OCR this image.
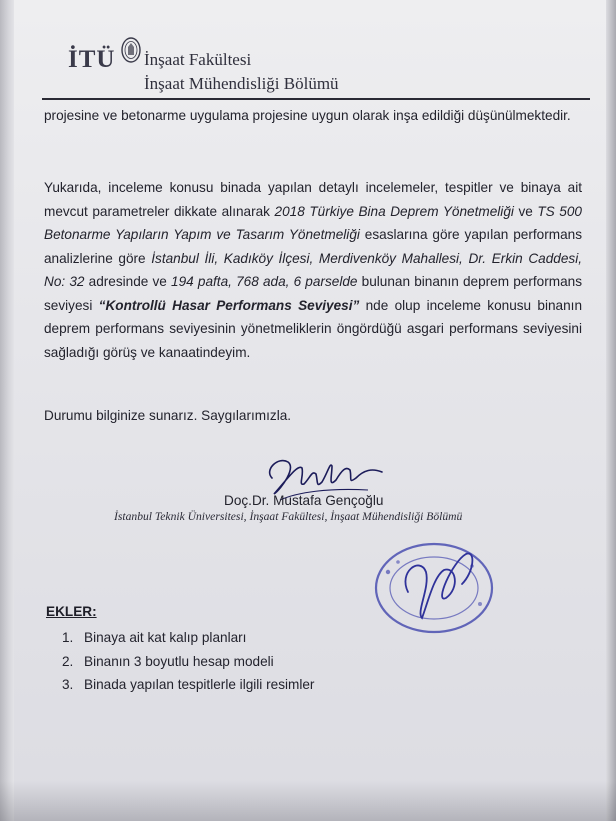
İTÜ İnşaat Fakültesi
İnşaat Mühendisliği Bölümü
projesine ve betonarme uygulama projesine uygun olarak inşa edildiği düşünülmektedir.
Yukarıda, inceleme konusu binada yapılan detaylı incelemeler, tespitler ve binaya ait mevcut parametreler dikkate alınarak 2018 Türkiye Bina Deprem Yönetmeliği ve TS 500 Betonarme Yapıların Yapım ve Tasarım Yönetmeliği esaslarına göre yapılan performans analizlerine göre İstanbul İli, Kadıköy İlçesi, Merdivenköy Mahallesi, Dr. Erkin Caddesi, No: 32 adresinde ve 194 pafta, 768 ada, 6 parselde bulunan binanın deprem performans seviyesi “Kontrollü Hasar Performans Seviyesi” nde olup inceleme konusu binanın deprem performans seviyesinin yönetmeliklerin öngördüğü asgari performans seviyesini sağladığı görüş ve kanaatindeyim.
Durumu bilginize sunarız. Saygılarımızla.
Doç.Dr. Mustafa Gençoğlu
İstanbul Teknik Üniversitesi, İnşaat Fakültesi, İnşaat Mühendisliği Bölümü
EKLER:
1. Binaya ait kat kalıp planları
2. Binanın 3 boyutlu hesap modeli
3. Binada yapılan tespitlerle ilgili resimler
